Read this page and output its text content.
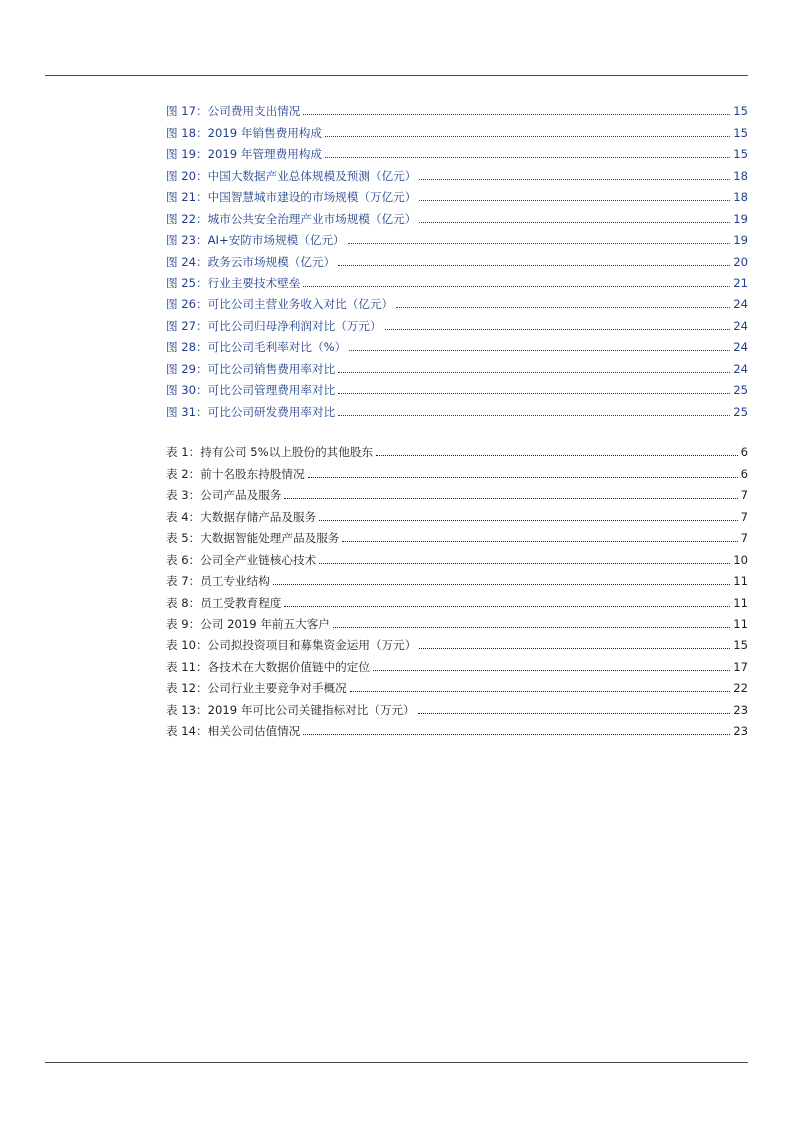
图 17：公司费用支出情况	15
图 18：2019 年销售费用构成	15
图 19：2019 年管理费用构成	15
图 20：中国大数据产业总体规模及预测（亿元）	18
图 21：中国智慧城市建设的市场规模（万亿元）	18
图 22：城市公共安全治理产业市场规模（亿元）	19
图 23：AI+安防市场规模（亿元）	19
图 24：政务云市场规模（亿元）	20
图 25：行业主要技术壁垒	21
图 26：可比公司主营业务收入对比（亿元）	24
图 27：可比公司归母净利润对比（万元）	24
图 28：可比公司毛利率对比（%）	24
图 29：可比公司销售费用率对比	24
图 30：可比公司管理费用率对比	25
图 31：可比公司研发费用率对比	25
表 1：持有公司 5%以上股份的其他股东	6
表 2：前十名股东持股情况	6
表 3：公司产品及服务	7
表 4：大数据存储产品及服务	7
表 5：大数据智能处理产品及服务	7
表 6：公司全产业链核心技术	10
表 7：员工专业结构	11
表 8：员工受教育程度	11
表 9：公司 2019 年前五大客户	11
表 10：公司拟投资项目和募集资金运用（万元）	15
表 11：各技术在大数据价值链中的定位	17
表 12：公司行业主要竞争对手概况	22
表 13：2019 年可比公司关键指标对比（万元）	23
表 14：相关公司估值情况	23
